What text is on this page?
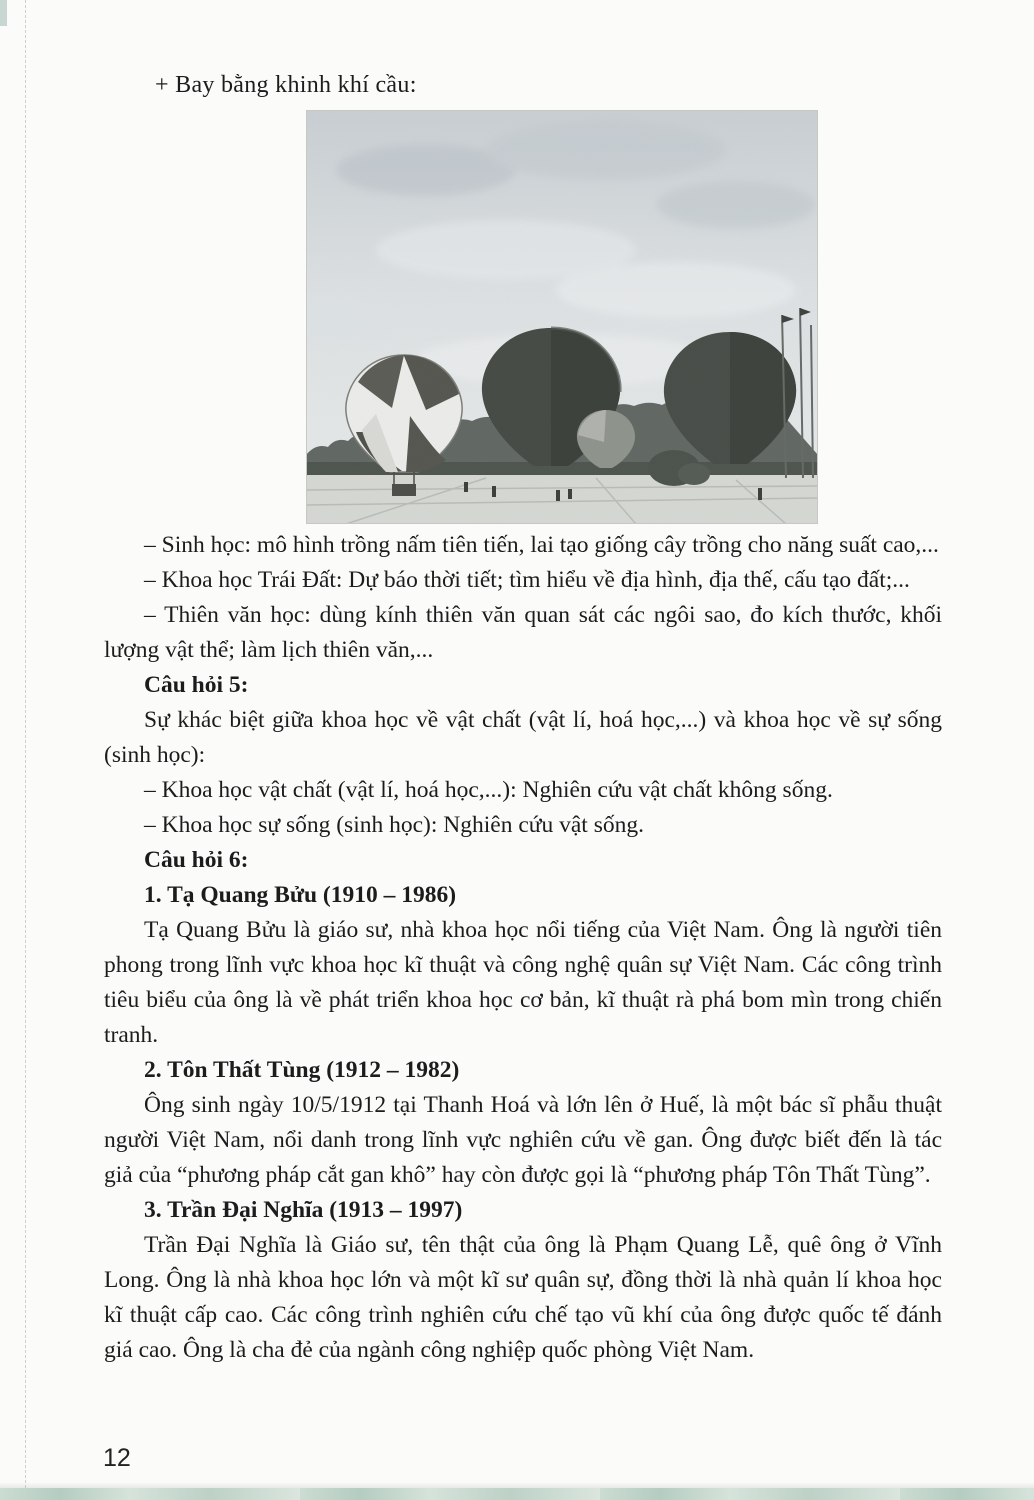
+ Bay bằng khinh khí cầu:

– Sinh học: mô hình trồng nấm tiên tiến, lai tạo giống cây trồng cho năng suất cao,...

– Khoa học Trái Đất: Dự báo thời tiết; tìm hiểu về địa hình, địa thế, cấu tạo đất;...

– Thiên văn học: dùng kính thiên văn quan sát các ngôi sao, đo kích thước, khối lượng vật thể; làm lịch thiên văn,...

Câu hỏi 5:

Sự khác biệt giữa khoa học về vật chất (vật lí, hoá học,...) và khoa học về sự sống (sinh học):

– Khoa học vật chất (vật lí, hoá học,...): Nghiên cứu vật chất không sống.

– Khoa học sự sống (sinh học): Nghiên cứu vật sống.

Câu hỏi 6:

1. Tạ Quang Bửu (1910 – 1986)

Tạ Quang Bửu là giáo sư, nhà khoa học nổi tiếng của Việt Nam. Ông là người tiên phong trong lĩnh vực khoa học kĩ thuật và công nghệ quân sự Việt Nam. Các công trình tiêu biểu của ông là về phát triển khoa học cơ bản, kĩ thuật rà phá bom mìn trong chiến tranh.

2. Tôn Thất Tùng (1912 – 1982)

Ông sinh ngày 10/5/1912 tại Thanh Hoá và lớn lên ở Huế, là một bác sĩ phẫu thuật người Việt Nam, nổi danh trong lĩnh vực nghiên cứu về gan. Ông được biết đến là tác giả của “phương pháp cắt gan khô” hay còn được gọi là “phương pháp Tôn Thất Tùng”.

3. Trần Đại Nghĩa (1913 – 1997)

Trần Đại Nghĩa là Giáo sư, tên thật của ông là Phạm Quang Lễ, quê ông ở Vĩnh Long. Ông là nhà khoa học lớn và một kĩ sư quân sự, đồng thời là nhà quản lí khoa học kĩ thuật cấp cao. Các công trình nghiên cứu chế tạo vũ khí của ông được quốc tế đánh giá cao. Ông là cha đẻ của ngành công nghiệp quốc phòng Việt Nam.

12
